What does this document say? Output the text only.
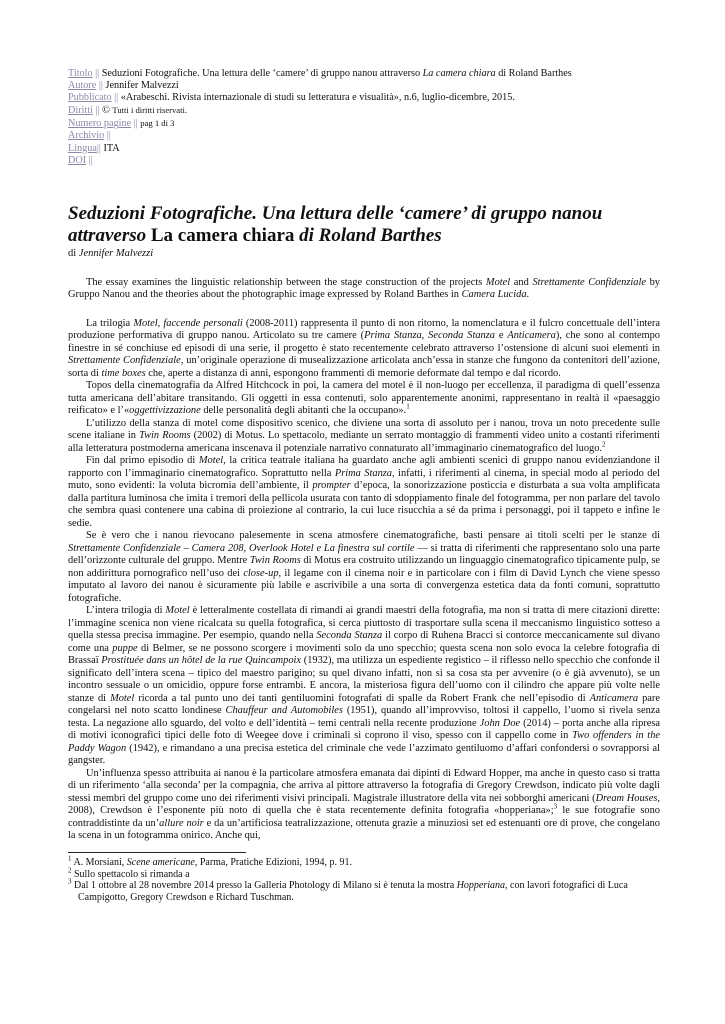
Titolo || Seduzioni Fotografiche. Una lettura delle ‘camere’ di gruppo nanou attraverso La camera chiara di Roland Barthes
Autore || Jennifer Malvezzi
Pubblicato || «Arabeschi. Rivista internazionale di studi su letteratura e visualità», n.6, luglio-dicembre, 2015.
Diritti || © Tutti i diritti riservati.
Numero pagine || pag 1 di 3
Archivio ||
Lingua|| ITA
DOI ||
Seduzioni Fotografiche. Una lettura delle ‘camere’ di gruppo nanou attraverso La camera chiara di Roland Barthes
di Jennifer Malvezzi
The essay examines the linguistic relationship between the stage construction of the projects Motel and Strettamente Confidenziale by Gruppo Nanou and the theories about the photographic image expressed by Roland Barthes in Camera Lucida.

La trilogia Motel, faccende personali (2008-2011) rappresenta il punto di non ritorno, la nomenclatura e il fulcro concettuale dell’intera produzione performativa di gruppo nanou. Articolato su tre camere (Prima Stanza, Seconda Stanza e Anticamera), che sono al contempo finestre in sé conchiuse ed episodi di una serie, il progetto è stato recentemente celebrato attraverso l’ostensione di alcuni suoi elementi in Strettamente Confidenziale, un’originale operazione di musealizzazione articolata anch’essa in stanze che fungono da contenitori dell’azione, sorta di time boxes che, aperte a distanza di anni, espongono frammenti di memorie deformate dal tempo e dal ricordo.

Topos della cinematografia da Alfred Hitchcock in poi, la camera del motel è il non-luogo per eccellenza, il paradigma di quell’essenza tutta americana dell’abitare transitando. Gli oggetti in essa contenuti, solo apparentemente anonimi, rappresentano in realtà il «paesaggio reificato» e l’«oggettivizzazione delle personalità degli abitanti che la occupano».$^1$

L’utilizzo della stanza di motel come dispositivo scenico, che diviene una sorta di assoluto per i nanou, trova un noto precedente sulle scene italiane in Twin Rooms (2002) di Motus. Lo spettacolo, mediante un serrato montaggio di frammenti video unito a costanti riferimenti alla letteratura postmoderna americana inscenava il potenziale narrativo connaturato all’immaginario cinematografico del luogo.$^2$

Fin dal primo episodio di Motel, la critica teatrale italiana ha guardato anche agli ambienti scenici di gruppo nanou evidenziandone il rapporto con l’immaginario cinematografico. Soprattutto nella Prima Stanza, infatti, i riferimenti al cinema, in special modo al periodo del muto, sono evidenti: la voluta bicromia dell’ambiente, il prompter d’epoca, la sonorizzazione posticcia e disturbata a sua volta amplificata dalla partitura luminosa che imita i tremori della pellicola usurata con tanto di sdoppiamento finale del fotogramma, per non parlare del tavolo che sembra quasi contenere una cabina di proiezione al contrario, la cui luce risucchia a sé da prima i personaggi, poi il tappeto e infine le sedie.

Se è vero che i nanou rievocano palesemente in scena atmosfere cinematografiche, basti pensare ai titoli scelti per le stanze di Strettamente Confidenziale – Camera 208, Overlook Hotel e La finestra sul cortile — si tratta di riferimenti che rappresentano solo una parte dell’orizzonte culturale del gruppo. Mentre Twin Rooms di Motus era costruito utilizzando un linguaggio cinematografico tipicamente pulp, se non addirittura pornografico nell’uso dei close-up, il legame con il cinema noir e in particolare con i film di David Lynch che viene spesso imputato al lavoro dei nanou è sicuramente più labile e ascrivibile a una sorta di convergenza estetica data da fonti comuni, soprattutto fotografiche.

L’intera trilogia di Motel è letteralmente costellata di rimandi ai grandi maestri della fotografia, ma non si tratta di mere citazioni dirette: l’immagine scenica non viene ricalcata su quella fotografica, si cerca piuttosto di trasportare sulla scena il meccanismo linguistico sotteso a quella stessa precisa immagine. Per esempio, quando nella Seconda Stanza il corpo di Ruhena Bracci si contorce meccanicamente sul divano come una puppe di Belmer, se ne possono scorgere i movimenti solo da uno specchio; questa scena non solo evoca la celebre fotografia di Brassaï Prostituée dans un hôtel de la rue Quincampoix (1932), ma utilizza un espediente registico – il riflesso nello specchio che confonde il significato dell’intera scena – tipico del maestro parigino; su quel divano infatti, non si sa cosa sta per avvenire (o è già avvenuto), se un incontro sessuale o un omicidio, oppure forse entrambi. E ancora, la misteriosa figura dell’uomo con il cilindro che appare più volte nelle stanze di Motel ricorda a tal punto uno dei tanti gentiluomini fotografati di spalle da Robert Frank che nell’episodio di Anticamera pare congelarsi nel noto scatto londinese Chauffeur and Automobiles (1951), quando all’improvviso, toltosi il cappello, l’uomo si rivela senza testa. La negazione allo sguardo, del volto e dell’identità – temi centrali nella recente produzione John Doe (2014) – porta anche alla ripresa di motivi iconografici tipici delle foto di Weegee dove i criminali si coprono il viso, spesso con il cappello come in Two offenders in the Paddy Wagon (1942), e rimandano a una precisa estetica del criminale che vede l’azzimato gentiluomo d’affari confondersi o sovrapporsi al gangster.

Un’influenza spesso attribuita ai nanou è la particolare atmosfera emanata dai dipinti di Edward Hopper, ma anche in questo caso si tratta di un riferimento ‘alla seconda’ per la compagnia, che arriva al pittore attraverso la fotografia di Gregory Crewdson, indicato più volte dagli stessi membri del gruppo come uno dei riferimenti visivi principali. Magistrale illustratore della vita nei sobborghi americani (Dream Houses, 2008), Crewdson è l’esponente più noto di quella che è stata recentemente definita fotografia «hopperiana»;$^3$ le sue fotografie sono contraddistinte da un’allure noir e da un’artificiosa teatralizzazione, ottenuta grazie a minuziosi set ed estenuanti ore di prove, che congelano la scena in un fotogramma onirico. Anche qui,

$^1$ A. Morsiani, Scene americane, Parma, Pratiche Edizioni, 1994, p. 91.
$^2$ Sullo spettacolo si rimanda a
$^3$ Dal 1 ottobre al 28 novembre 2014 presso la Galleria Photology di Milano si è tenuta la mostra Hopperiana, con lavori fotografici di Luca Campigotto, Gregory Crewdson e Richard Tuschman.
